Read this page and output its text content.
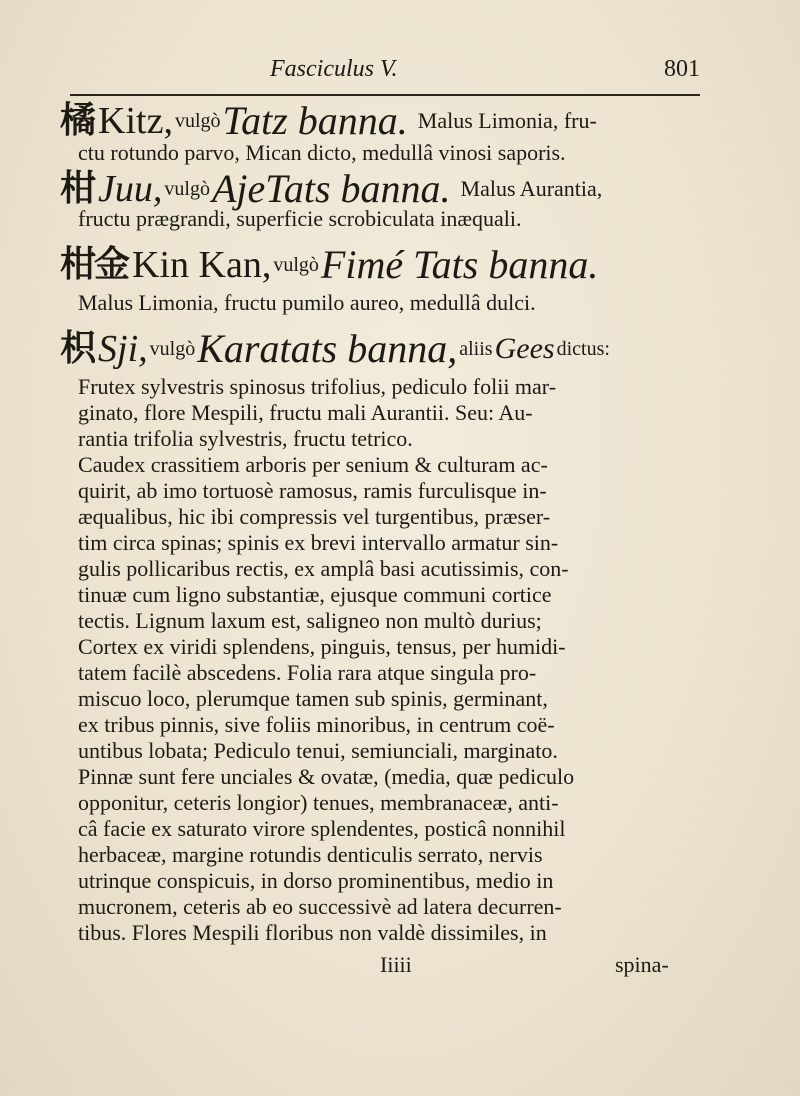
Fasciculus V.	801
橘 Kitz, vulgò Tatz banna. Malus Limonia, fru-
ctu rotundo parvo, Mican dicto, medullâ vinosi saporis.
柑 Juu, vulgò AjeTats banna. Malus Aurantia,
fructu prægrandi, superficie scrobiculata inæquali.
柑金 Kin Kan, vulgò Fimé Tats banna.
Malus Limonia, fructu pumilo aureo, medullâ dulci.
枳 Sji, vulgò Karatats banna, aliis Gees dictus:
Frutex sylvestris spinosus trifolius, pediculo folii mar-
ginato, flore Mespili, fructu mali Aurantii. Seu: Au-
rantia trifolia sylvestris, fructu tetrico.
Caudex crassitiem arboris per senium & culturam ac-
quirit, ab imo tortuosè ramosus, ramis furculisque in-
æqualibus, hic ibi compressis vel turgentibus, præser-
tim circa spinas; spinis ex brevi intervallo armatur sin-
gulis pollicaribus rectis, ex amplâ basi acutissimis, con-
tinuæ cum ligno substantiæ, ejusque communi cortice
tectis. Lignum laxum est, saligneo non multò durius;
Cortex ex viridi splendens, pinguis, tensus, per humidi-
tatem facilè abscedens. Folia rara atque singula pro-
miscuo loco, plerumque tamen sub spinis, germinant,
ex tribus pinnis, sive foliis minoribus, in centrum coë-
untibus lobata; Pediculo tenui, semiunciali, marginato.
Pinnæ sunt fere unciales & ovatæ, (media, quæ pediculo
opponitur, ceteris longior) tenues, membranaceæ, anti-
câ facie ex saturato virore splendentes, posticâ nonnihil
herbaceæ, margine rotundis denticulis serrato, nervis
utrinque conspicuis, in dorso prominentibus, medio in
mucronem, ceteris ab eo successivè ad latera decurren-
tibus. Flores Mespili floribus non valdè dissimiles, in
Iiiii	spina-
